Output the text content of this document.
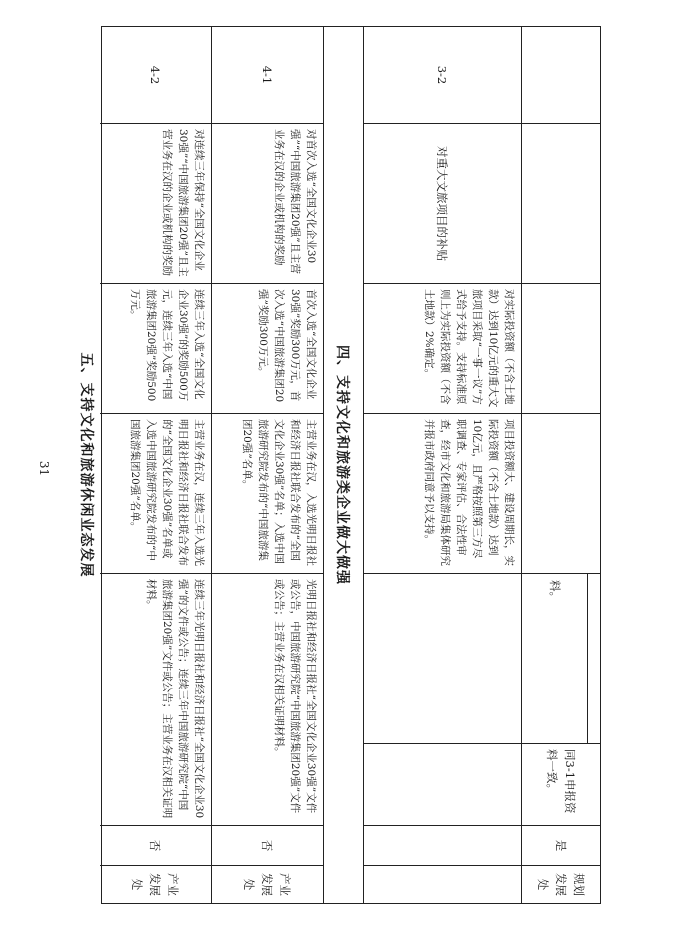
料。
同3-1申报资料一致。
是
规划发展处
3-2
对重大文旅项目的补贴
对实际投资额（不含土地款）达到10亿元的重大文旅项目采取“一事一议”方式给予支持。支持标准原则上为实际投资额（不含土地款）2%确定。
项目投资额大、建设周期长，实际投资额（不含土地款）达到10亿元，且严格按照第三方尽职调查、专家评估、合法性审查，经市文化和旅游局集体研究并报市政府同意予以支持。
四、支持文化和旅游类企业做大做强
4-1
对首次入选“全国文化企业30强”“中国旅游集团20强”且主营业务在汉的企业或机构的奖励
首次入选“全国文化企业30强”奖励300万元，首次入选“中国旅游集团20强”奖励300万元。
主营业务在汉，入选光明日报社和经济日报社联合发布的“全国文化企业30强”名单；入选中国旅游研究院发布的“中国旅游集团20强”名单。
光明日报社和经济日报社“全国文化企业30强”文件或公告，中国旅游研究院“中国旅游集团20强”文件或公告；主营业务在汉相关证明材料。
否
产业发展处
4-2
对连续三年保持“全国文化企业30强”“中国旅游集团20强”且主营业务在汉的企业或机构的奖励
连续三年入选“全国文化企业30强”的奖励500万元，连续三年入选“中国旅游集团20强”奖励500万元。
主营业务在汉，连续三年入选光明日报社和经济日报社联合发布的“全国文化企业30强”名单或入选中国旅游研究院发布的“中国旅游集团20强”名单。
连续三年光明日报社和经济日报社“全国文化企业30强”的文件或公告；连续三年中国旅游研究院“中国旅游集团20强”文件或公告；主营业务在汉相关证明材料。
否
产业发展处
五、支持文化和旅游休闲业态发展
31
